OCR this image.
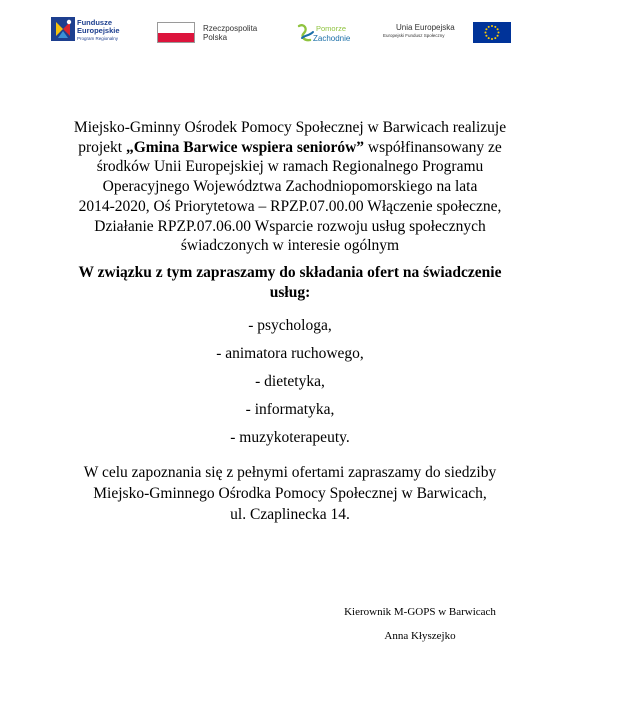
Fundusze
Europejskie
Program Regionalny
Rzeczpospolita
Polska
Pomorze
Zachodnie
Unia Europejska
Europejski Fundusz Społeczny

Miejsko-Gminny Ośrodek Pomocy Społecznej w Barwicach realizuje

projekt „Gmina Barwice wspiera seniorów” współfinansowany ze

środków Unii Europejskiej w ramach Regionalnego Programu

Operacyjnego Województwa Zachodniopomorskiego na lata

2014-2020, Oś Priorytetowa – RPZP.07.00.00 Włączenie społeczne,

Działanie RPZP.07.06.00 Wsparcie rozwoju usług społecznych

świadczonych w interesie ogólnym

W związku z tym zapraszamy do składania ofert na świadczenie

usług:

- psychologa,
- animatora ruchowego,
- dietetyka,
- informatyka,
- muzykoterapeuty.

W celu zapoznania się z pełnymi ofertami zapraszamy do siedziby

Miejsko-Gminnego Ośrodka Pomocy Społecznej w Barwicach,

ul. Czaplinecka 14.

Kierownik M-GOPS w Barwicach

Anna Kłyszejko
